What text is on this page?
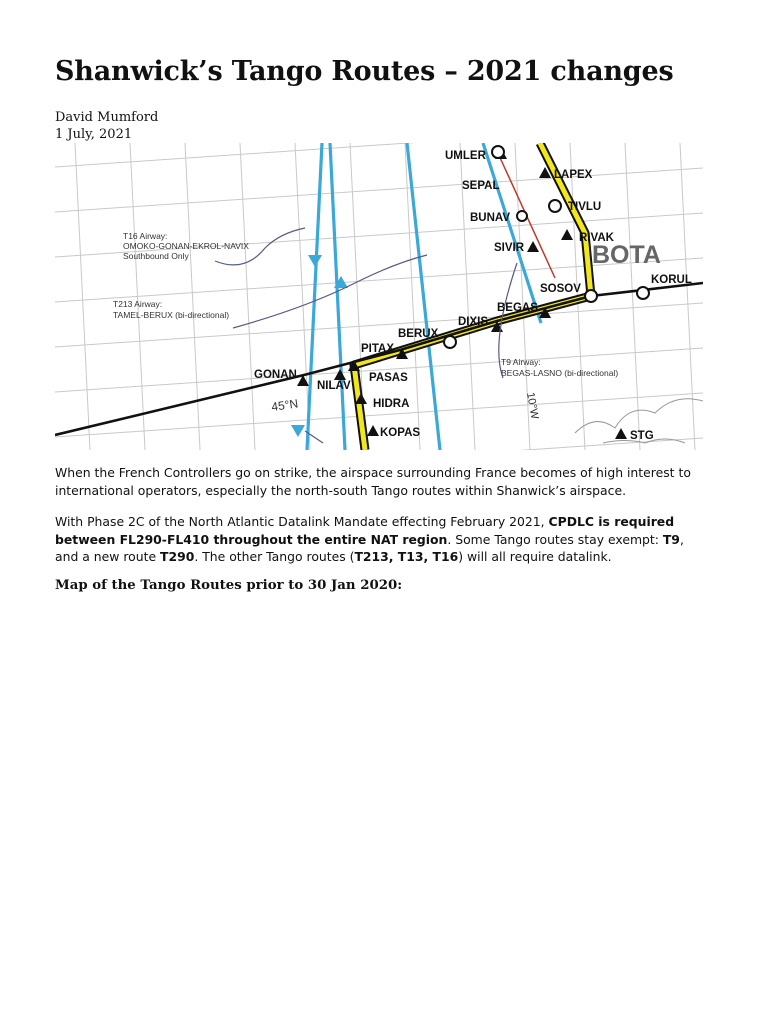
Shanwick’s Tango Routes – 2021 changes
David Mumford
1 July, 2021
UMLER
SEPAL
BUNAV
SIVIR
LAPEX
TIVLU
RIVAK
KORUL
SOSOV
BEGAS
DIXIS
BERUX
PITAX
PASAS
GONAN
NILAV
HIDRA
KOPAS	STG
BOTA
45°N	10°W
T16 Airway:
OMOKO-GONAN-EKROL-NAVIX
Southbound Only
T213 Airway:
TAMEL-BERUX (bi-directional)
T9 Airway:
BEGAS-LASNO (bi-directional)

When the French Controllers go on strike, the airspace surrounding France becomes of high interest to international operators, especially the north-south Tango routes within Shanwick’s airspace.

With Phase 2C of the North Atlantic Datalink Mandate effecting February 2021, CPDLC is required between FL290-FL410 throughout the entire NAT region. Some Tango routes stay exempt: T9, and a new route T290. The other Tango routes (T213, T13, T16) will all require datalink.

Map of the Tango Routes prior to 30 Jan 2020:
